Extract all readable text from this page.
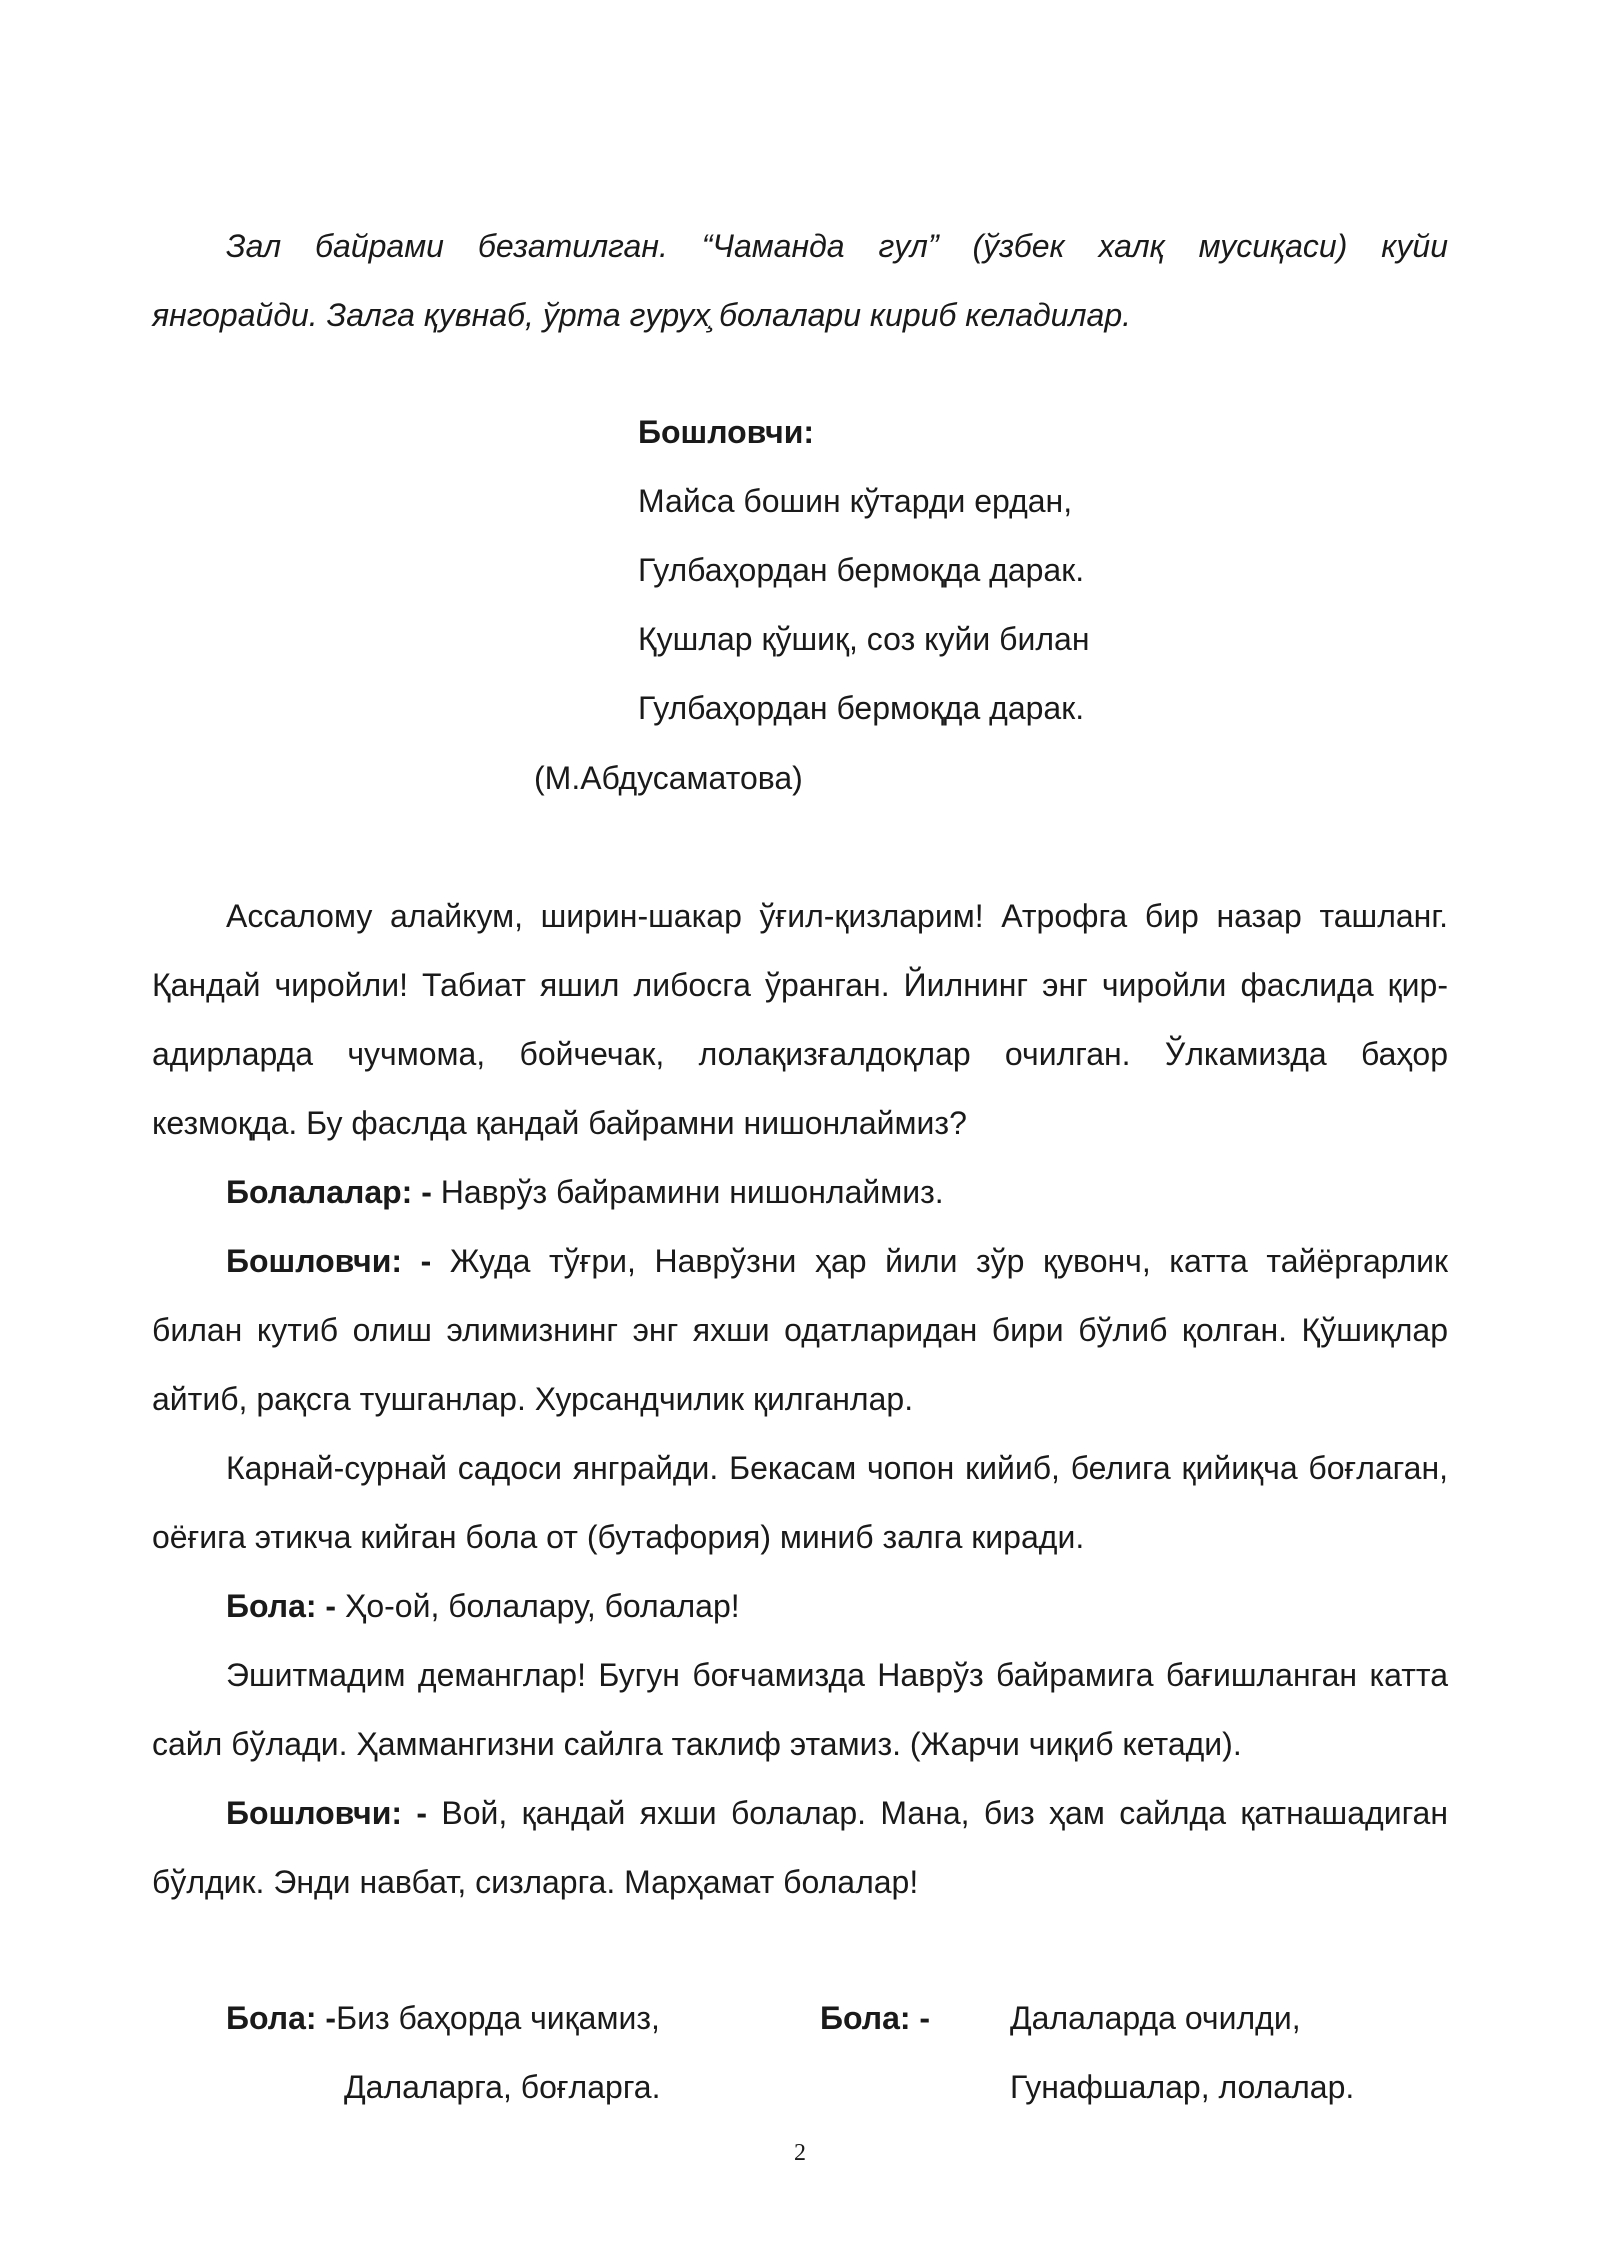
Зал байрами безатилган. “Чаманда гул” (ўзбек халқ мусиқаси) куйи
янгорайди. Залга қувнаб, ўрта гурух̧ болалари кириб келадилар.
Бошловчи:
Майса бошин кўтарди ердан,
Гулбаҳордан бермоқда дарак.
Қушлар қўшиқ, соз куйи билан
Гулбаҳордан бермоқда дарак.
(М.Абдусаматова)

Ассалому алайкум, ширин-шакар ўғил-қизларим! Атрофга бир назар ташланг. Қандай чиройли! Табиат яшил либосга ўранган. Йилнинг энг чиройли фаслида қир-адирларда чучмома, бойчечак, лолақизғалдоқлар очилган. Ўлкамизда баҳор кезмоқда. Бу фаслда қандай байрамни нишонлаймиз?

Болалалар: - Наврўз байрамини нишонлаймиз.

Бошловчи: - Жуда тўғри, Наврўзни ҳар йили зўр қувонч, катта тайёргарлик билан кутиб олиш элимизнинг энг яхши одатларидан бири бўлиб қолган. Қўшиқлар айтиб, рақсга тушганлар. Хурсандчилик қилганлар.

Карнай-сурнай садоси янграйди. Бекасам чопон кийиб, белига қийиқча боғлаган, оёғига этикча кийган бола от (бутафория) миниб залга киради.

Бола: - Ҳо-ой, болалару, болалар!

Эшитмадим деманглар! Бугун боғчамизда Наврўз байрамига бағишланган катта сайл бўлади. Ҳаммангизни сайлга таклиф этамиз. (Жарчи чиқиб кетади).

Бошловчи: - Вой, қандай яхши болалар. Мана, биз ҳам сайлда қатнашадиган бўлдик. Энди навбат, сизларга. Марҳамат болалар!

Бола: -Биз баҳорда чиқамиз,
Далаларга, боғларга.
Бола: - Далаларда очилди,
Гунафшалар, лолалар.
2
